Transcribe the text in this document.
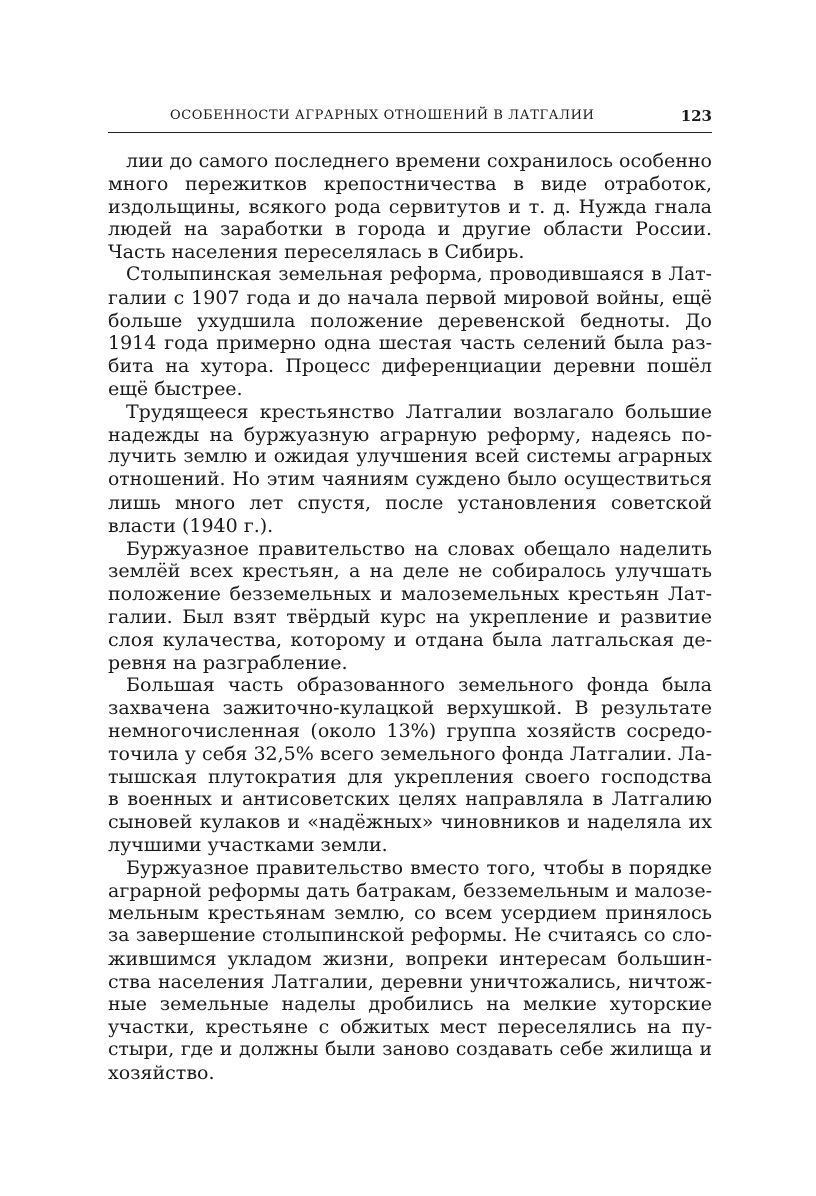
ОСОБЕННОСТИ АГРАРНЫХ ОТНОШЕНИЙ В ЛАТГАЛИИ	123

лии до самого последнего времени сохранилось особенно
много пережитков крепостничества в виде отработок,
издольщины, всякого рода сервитутов и т. д. Нужда гнала
людей на заработки в города и другие области России.
Часть населения переселялась в Сибирь.

Столыпинская земельная реформа, проводившаяся в Лат-
галии с 1907 года и до начала первой мировой войны, ещё
больше ухудшила положение деревенской бедноты. До
1914 года примерно одна шестая часть селений была раз-
бита на хутора. Процесс диференциации деревни пошёл
ещё быстрее.

Трудящееся крестьянство Латгалии возлагало большие
надежды на буржуазную аграрную реформу, надеясь по-
лучить землю и ожидая улучшения всей системы аграрных
отношений. Но этим чаяниям суждено было осуществиться
лишь много лет спустя, после установления советской
власти (1940 г.).

Буржуазное правительство на словах обещало наделить
землёй всех крестьян, а на деле не собиралось улучшать
положение безземельных и малоземельных крестьян Лат-
галии. Был взят твёрдый курс на укрепление и развитие
слоя кулачества, которому и отдана была латгальская де-
ревня на разграбление.

Большая часть образованного земельного фонда была
захвачена зажиточно-кулацкой верхушкой. В результате
немногочисленная (около 13%) группа хозяйств сосредо-
точила у себя 32,5% всего земельного фонда Латгалии. Ла-
тышская плутократия для укрепления своего господства
в военных и антисоветских целях направляла в Латгалию
сыновей кулаков и «надёжных» чиновников и наделяла их
лучшими участками земли.

Буржуазное правительство вместо того, чтобы в порядке
аграрной реформы дать батракам, безземельным и малозе-
мельным крестьянам землю, со всем усердием принялось
за завершение столыпинской реформы. Не считаясь со сло-
жившимся укладом жизни, вопреки интересам большин-
ства населения Латгалии, деревни уничтожались, ничтож-
ные земельные наделы дробились на мелкие хуторские
участки, крестьяне с обжитых мест переселялись на пу-
стыри, где и должны были заново создавать себе жилища и
хозяйство.
